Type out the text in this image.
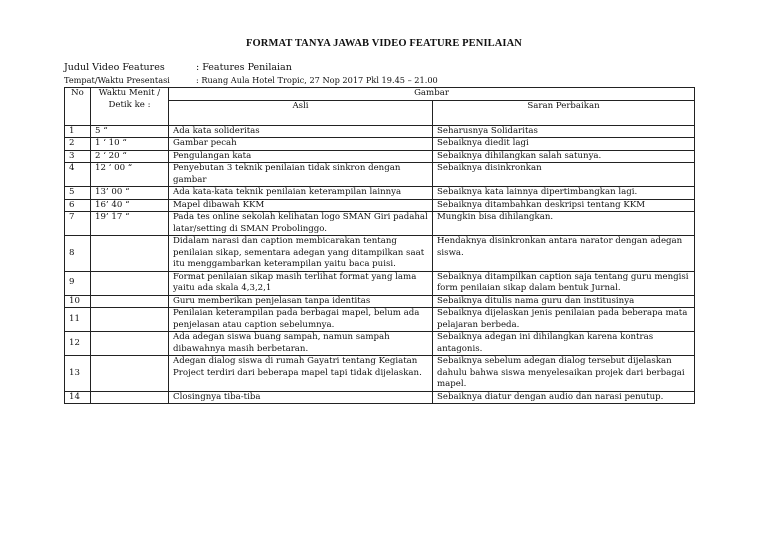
FORMAT TANYA JAWAB VIDEO FEATURE PENILAIAN
Judul Video Features	: Features Penilaian
Tempat/Waktu Presentasi	: Ruang Aula Hotel Tropic, 27 Nop 2017 Pkl 19.45 – 21.00
No	Waktu Menit / Detik ke :	Gambar	
		Asli	Saran Perbaikan
1	5 “	Ada kata solideritas	Seharusnya Solidaritas
2	1 ‘ 10 “	Gambar pecah	Sebaiknya diedit lagi
3	2 ‘ 20 “	Pengulangan kata	Sebaiknya dihilangkan salah satunya.
4	12 ‘ 00 “	Penyebutan 3 teknik penilaian tidak sinkron dengan gambar	Sebaiknya disinkronkan
5	13’ 00 “	Ada kata-kata teknik penilaian keterampilan lainnya	Sebaiknya kata lainnya dipertimbangkan lagi.
6	16’ 40 “	Mapel dibawah KKM	Sebaiknya ditambahkan deskripsi tentang KKM
7	19’ 17 “	Pada tes online sekolah kelihatan logo SMAN Giri padahal latar/setting di SMAN Probolinggo.	Mungkin bisa dihilangkan.
8		Didalam narasi dan caption membicarakan tentang penilaian sikap, sementara adegan yang ditampilkan saat itu menggambarkan keterampilan yaitu baca puisi.	Hendaknya disinkronkan antara narator dengan adegan siswa.
9		Format penilaian sikap masih terlihat format yang lama yaitu ada skala 4,3,2,1	Sebaiknya ditampilkan caption saja tentang guru mengisi form penilaian sikap dalam bentuk Jurnal.
10		Guru memberikan penjelasan tanpa identitas	Sebaiknya ditulis nama guru dan institusinya
11		Penilaian keterampilan pada berbagai mapel, belum ada penjelasan atau caption sebelumnya.	Sebaiknya dijelaskan jenis penilaian pada beberapa mata pelajaran berbeda.
12		Ada adegan siswa buang sampah, namun sampah dibawahnya masih berbetaran.	Sebaiknya adegan ini dihilangkan karena kontras antagonis.
13		Adegan dialog siswa di rumah Gayatri tentang Kegiatan Project terdiri dari beberapa mapel tapi tidak dijelaskan.	Sebaiknya sebelum adegan dialog tersebut dijelaskan dahulu bahwa siswa menyelesaikan projek dari berbagai mapel.
14		Closingnya tiba-tiba	Sebaiknya diatur dengan audio dan narasi penutup.
